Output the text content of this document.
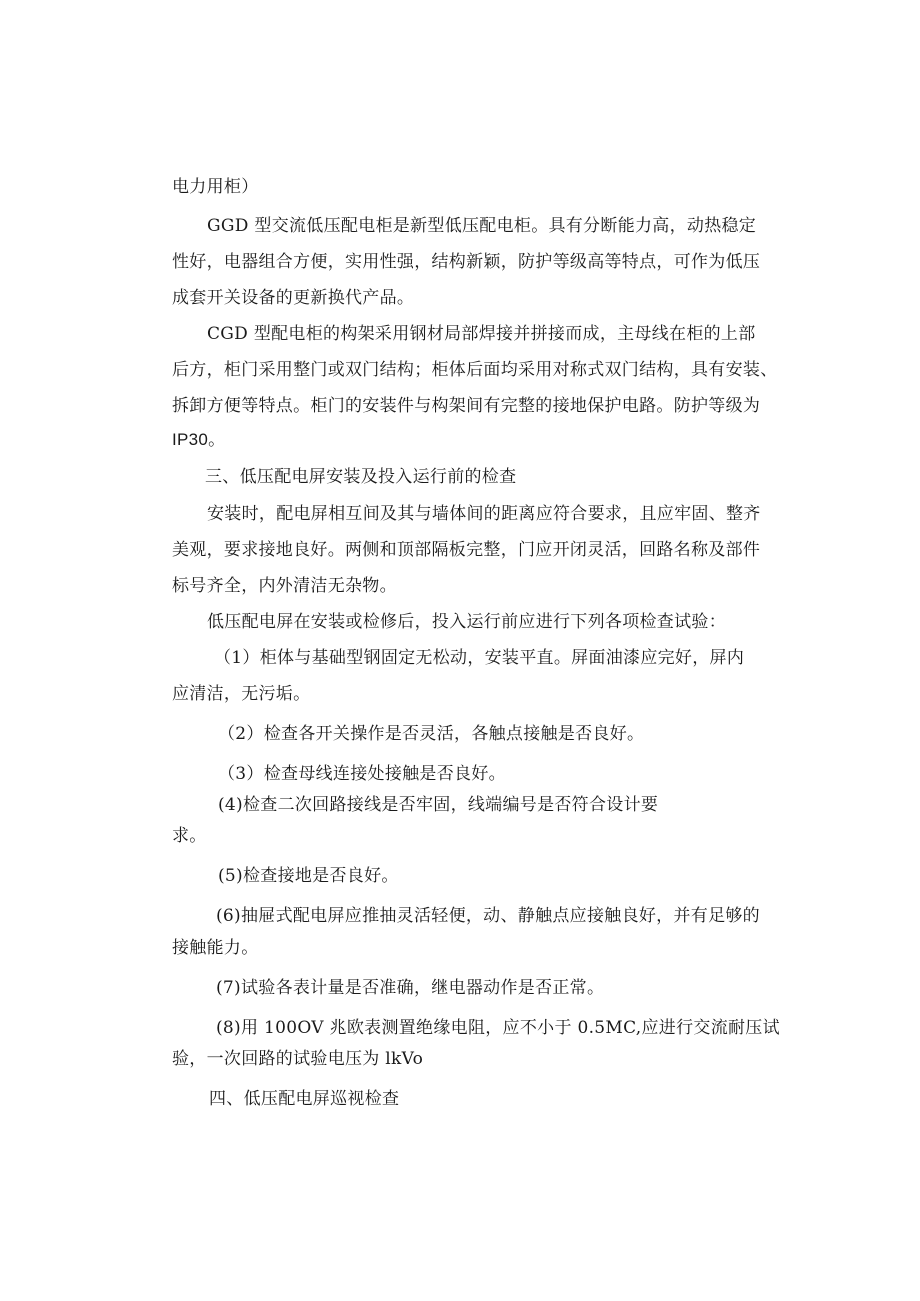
电力用柜）
GGD 型交流低压配电柜是新型低压配电柜。具有分断能力高，动热稳定
性好，电器组合方便，实用性强，结构新颖，防护等级高等特点，可作为低压
成套开关设备的更新换代产品。
CGD 型配电柜的构架采用钢材局部焊接并拼接而成，主母线在柜的上部
后方，柜门采用整门或双门结构；柜体后面均采用对称式双门结构，具有安装、
拆卸方便等特点。柜门的安装件与构架间有完整的接地保护电路。防护等级为
IP30。
三、低压配电屏安装及投入运行前的检查
安装时，配电屏相互间及其与墙体间的距离应符合要求，且应牢固、整齐
美观，要求接地良好。两侧和顶部隔板完整，门应开闭灵活，回路名称及部件
标号齐全，内外清洁无杂物。
低压配电屏在安装或检修后，投入运行前应进行下列各项检查试验：
（1）柜体与基础型钢固定无松动，安装平直。屏面油漆应完好，屏内
应清洁，无污垢。
（2）检查各开关操作是否灵活，各触点接触是否良好。
（3）检查母线连接处接触是否良好。
(4)检查二次回路接线是否牢固，线端编号是否符合设计要
求。
(5)检查接地是否良好。
(6)抽屉式配电屏应推抽灵活轻便，动、静触点应接触良好，并有足够的
接触能力。
(7)试验各表计量是否准确，继电器动作是否正常。
(8)用 100OV 兆欧表测置绝缘电阻，应不小于 0.5MC,应进行交流耐压试
验，一次回路的试验电压为 lkVo
四、低压配电屏巡视检查
